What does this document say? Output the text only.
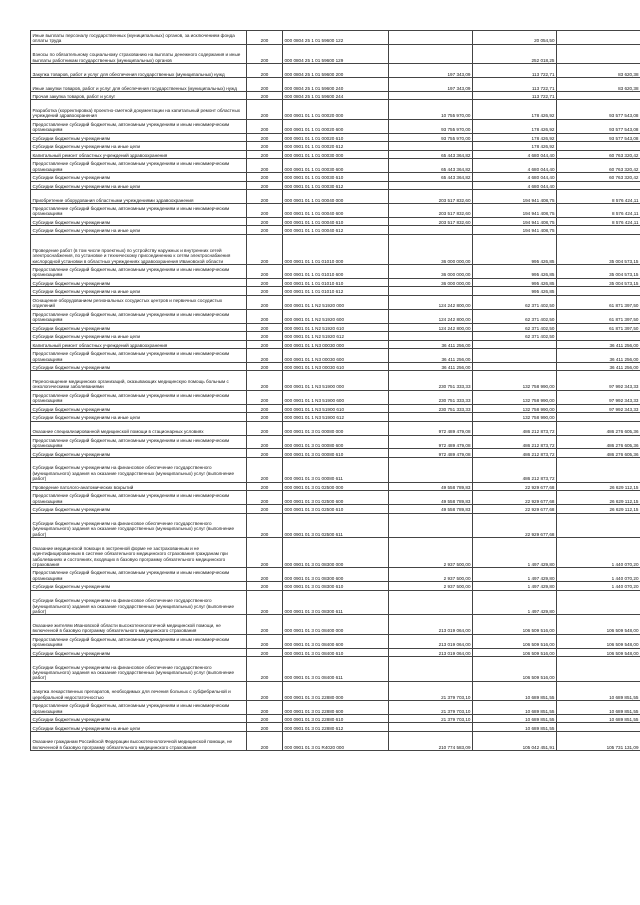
Иные выплаты персоналу государственных (муниципальных) органов, за исключением фонда оплаты труда	200	000 0804 25 1 01 59600 122		20 054,50		
Взносы по обязательному социальному страхованию на выплаты денежного содержания и иные выплаты работникам государственных (муниципальных) органов	200	000 0804 25 1 01 59600 129		252 018,25		
Закупка товаров, работ и услуг для обеспечения государственных (муниципальных) нужд	200	000 0804 25 1 01 59600 200	197 343,09	113 722,71	83 620,38	
Иные закупки товаров, работ и услуг для обеспечения государственных (муниципальных) нужд	200	000 0804 25 1 01 59600 240	197 343,09	113 722,71	83 620,38	
Прочая закупка товаров, работ и услуг	200	000 0804 25 1 01 59600 244		113 722,71		
Разработка (корректировка) проектно-сметной документации на капитальный ремонт областных учреждений здравоохранения	200	000 0901 01 1 01 00020 000	10 755 970,00	178 426,92	93 577 543,08	
Предоставление субсидий бюджетным, автономным учреждениям и иным некоммерческим организациям	200	000 0901 01 1 01 00020 600	93 755 970,00	178 426,92	93 577 543,08	
Субсидии бюджетным учреждениям	200	000 0901 01 1 01 00020 610	93 755 970,00	178 426,92	93 577 543,08	
Субсидии бюджетным учреждениям на иные цели	200	000 0901 01 1 01 00020 612		178 426,92		
Капитальный ремонт областных учреждений здравоохранения	200	000 0901 01 1 01 00030 000	65 443 364,82	4 680 044,40	60 763 320,42	
Предоставление субсидий бюджетным, автономным учреждениям и иным некоммерческим организациям	200	000 0901 01 1 01 00030 600	65 443 364,82	4 680 044,40	60 763 320,42	
Субсидии бюджетным учреждениям	200	000 0901 01 1 01 00030 610	65 443 364,82	4 680 044,40	60 763 320,42	
Субсидии бюджетным учреждениям на иные цели	200	000 0901 01 1 01 00030 612		4 680 044,40		
Приобретение оборудования областными учреждениями здравоохранения	200	000 0901 01 1 01 00040 000	203 517 832,60	194 941 408,75	8 576 424,11	
Предоставление субсидий бюджетным, автономным учреждениям и иным некоммерческим организациям	200	000 0901 01 1 01 00040 600	203 517 832,60	194 941 408,75	8 576 424,11	
Субсидии бюджетным учреждениям	200	000 0901 01 1 01 00040 610	203 517 832,60	194 941 408,75	8 576 424,11	
Субсидии бюджетным учреждениям на иные цели	200	000 0901 01 1 01 00040 612		194 941 408,75		
Проведение работ (в том числе проектных) по устройству наружных и внутренних сетей электроснабжения, по установке и техническому присоединению к сетям электроснабжения кислородной установки в областных учреждениях здравоохранения Ивановской области	200	000 0901 01 1 01 01010 000	36 000 000,00	995 426,85	35 004 573,15	
Предоставление субсидий бюджетным, автономным учреждениям и иным некоммерческим организациям	200	000 0901 01 1 01 01010 600	36 000 000,00	995 426,85	35 004 573,15	
Субсидии бюджетным учреждениям	200	000 0901 01 1 01 01010 610	36 000 000,00	995 426,85	35 004 573,15	
Субсидии бюджетным учреждениям на иные цели	200	000 0901 01 1 01 01010 612		995 426,85		
Оснащение оборудованием региональных сосудистых центров и первичных сосудистых отделений	200	000 0901 01 1 N2 51920 000	124 242 800,00	62 371 402,50	61 871 397,50	
Предоставление субсидий бюджетным, автономным учреждениям и иным некоммерческим организациям	200	000 0901 01 1 N2 51920 600	124 242 800,00	62 371 402,50	61 871 397,50	
Субсидии бюджетным учреждениям	200	000 0901 01 1 N2 51920 610	124 242 800,00	62 371 402,50	61 871 397,50	
Субсидии бюджетным учреждениям на иные цели	200	000 0901 01 1 N2 51920 612		62 371 402,50		
Капитальный ремонт областных учреждений здравоохранения	200	000 0901 01 1 N3 00030 000	36 411 256,00		36 411 256,00	
Предоставление субсидий бюджетным, автономным учреждениям и иным некоммерческим организациям	200	000 0901 01 1 N3 00030 600	36 411 256,00		36 411 256,00	
Субсидии бюджетным учреждениям	200	000 0901 01 1 N3 00030 610	36 411 256,00		36 411 256,00	
Переоснащение медицинских организаций, оказывающих медицинскую помощь больным с онкологическими заболеваниями	200	000 0901 01 1 N3 51900 000	230 751 333,33	132 758 990,00	97 992 343,33	
Предоставление субсидий бюджетным, автономным учреждениям и иным некоммерческим организациям	200	000 0901 01 1 N3 51900 600	230 751 333,33	132 758 990,00	97 992 343,33	
Субсидии бюджетным учреждениям	200	000 0901 01 1 N3 51900 610	230 751 333,33	132 758 990,00	97 992 343,33	
Субсидии бюджетным учреждениям на иные цели	200	000 0901 01 1 N3 51900 612		132 758 990,00		
Оказание специализированной медицинской помощи в стационарных условиях	200	000 0901 01 3 01 00080 000	972 489 479,08	486 212 873,72	486 276 605,36	
Предоставление субсидий бюджетным, автономным учреждениям и иным некоммерческим организациям	200	000 0901 01 3 01 00080 600	972 489 479,08	486 212 873,72	486 276 605,36	
Субсидии бюджетным учреждениям	200	000 0901 01 3 01 00080 610	972 489 479,08	486 212 873,72	486 276 605,36	
Субсидии бюджетным учреждениям на финансовое обеспечение государственного (муниципального) задания на оказание государственных (муниципальных) услуг (выполнение работ)	200	000 0901 01 3 01 00080 611		486 212 873,72		
Проведение патолого-анатомических вскрытий	200	000 0901 01 3 01 02500 000	49 558 789,83	22 929 677,68	26 629 112,15	
Предоставление субсидий бюджетным, автономным учреждениям и иным некоммерческим организациям	200	000 0901 01 3 01 02500 600	49 558 789,83	22 929 677,68	26 629 112,15	
Субсидии бюджетным учреждениям	200	000 0901 01 3 01 02500 610	49 558 789,83	22 929 677,68	26 629 112,15	
Субсидии бюджетным учреждениям на финансовое обеспечение государственного (муниципального) задания на оказание государственных (муниципальных) услуг (выполнение работ)	200	000 0901 01 3 01 02500 611		22 929 677,68		
Оказание медицинской помощи в экстренной форме не застрахованным и не идентифицированным в системе обязательного медицинского страхования гражданам при заболеваниях и состояниях, входящих в базовую программу обязательного медицинского страхования	200	000 0901 01 3 01 08300 000	2 937 500,00	1 497 429,80	1 440 070,20	
Предоставление субсидий бюджетным, автономным учреждениям и иным некоммерческим организациям	200	000 0901 01 3 01 08300 600	2 937 500,00	1 497 429,80	1 440 070,20	
Субсидии бюджетным учреждениям	200	000 0901 01 3 01 08300 610	2 937 500,00	1 497 429,80	1 440 070,20	
Субсидии бюджетным учреждениям на финансовое обеспечение государственного (муниципального) задания на оказание государственных (муниципальных) услуг (выполнение работ)	200	000 0901 01 3 01 08300 611		1 497 429,80		
Оказание жителям Ивановской области высокотехнологичной медицинской помощи, не включенной в базовую программу обязательного медицинского страхования	200	000 0901 01 3 01 08400 000	213 019 064,00	106 509 516,00	106 509 548,00	
Предоставление субсидий бюджетным, автономным учреждениям и иным некоммерческим организациям	200	000 0901 01 3 01 08400 600	213 019 064,00	106 509 516,00	106 509 548,00	
Субсидии бюджетным учреждениям	200	000 0901 01 3 01 08400 610	213 019 064,00	106 509 516,00	106 509 548,00	
Субсидии бюджетным учреждениям на финансовое обеспечение государственного (муниципального) задания на оказание государственных (муниципальных) услуг (выполнение работ)	200	000 0901 01 3 01 08400 611		106 509 516,00		
Закупка лекарственных препаратов, необходимых для лечения больных с субфебрильной и церебральной недостаточностью	200	000 0901 01 3 01 22880 000	21 379 703,10	10 689 851,55	10 689 851,55	
Предоставление субсидий бюджетным, автономным учреждениям и иным некоммерческим организациям	200	000 0901 01 3 01 22880 600	21 379 703,10	10 689 851,55	10 689 851,55	
Субсидии бюджетным учреждениям	200	000 0901 01 3 01 22880 610	21 379 703,10	10 689 851,55	10 689 851,55	
Субсидии бюджетным учреждениям на иные цели	200	000 0901 01 3 01 22880 612		10 689 851,55		
Оказание гражданам Российской Федерации высокотехнологичной медицинской помощи, не включенной в базовую программу обязательного медицинского страхования	200	000 0901 01 3 01 R4020 000	210 774 583,09	105 042 451,91	105 731 131,09	
